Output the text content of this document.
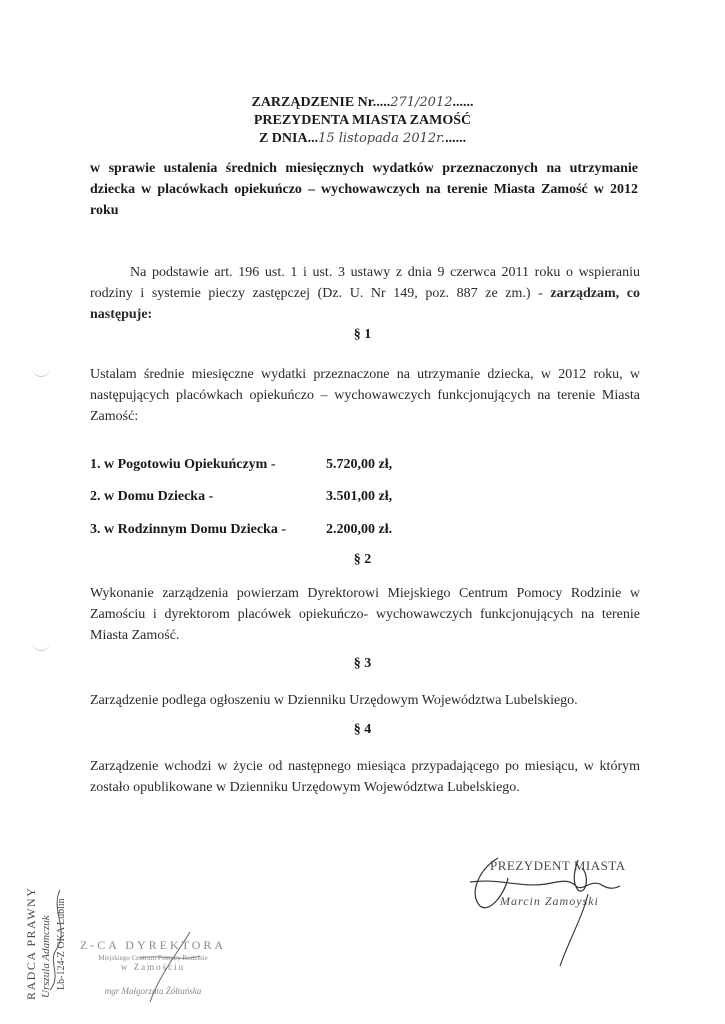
ZARZĄDZENIE Nr.....271/2012......
PREZYDENTA MIASTA ZAMOŚĆ
Z DNIA...15 listopada 2012r.......
w sprawie ustalenia średnich miesięcznych wydatków przeznaczonych na utrzymanie dziecka w placówkach opiekuńczo – wychowawczych na terenie Miasta Zamość w 2012 roku
Na podstawie art. 196 ust. 1 i ust. 3 ustawy z dnia 9 czerwca 2011 roku o wspieraniu rodziny i systemie pieczy zastępczej (Dz. U. Nr 149, poz. 887 ze zm.) - zarządzam, co następuje:
§ 1
Ustalam średnie miesięczne wydatki przeznaczone na utrzymanie dziecka, w 2012 roku, w następujących placówkach opiekuńczo – wychowawczych funkcjonujących na terenie Miasta Zamość:
1. w Pogotowiu Opiekuńczym -	5.720,00 zł,
2. w Domu Dziecka -	3.501,00 zł,
3. w Rodzinnym Domu Dziecka -	2.200,00 zł.
§ 2
Wykonanie zarządzenia powierzam Dyrektorowi Miejskiego Centrum Pomocy Rodzinie w Zamościu i dyrektorom placówek opiekuńczo- wychowawczych funkcjonujących na terenie Miasta Zamość.
§ 3
Zarządzenie podlega ogłoszeniu w Dzienniku Urzędowym Województwa Lubelskiego.
§ 4
Zarządzenie wchodzi w życie od następnego miesiąca przypadającego po miesiącu, w którym zostało opublikowane w Dzienniku Urzędowym Województwa Lubelskiego.
PREZYDENT MIASTA
Marcin Zamoyski
RADCA PRAWNY Urszula Adamczuk Lb-124-Z OKA Lublin Z-CA DYREKTORA
Miejskiego Centrum Pomocy Rodzinie
w Zamościu
mgr Małgorzata Żółtańska
